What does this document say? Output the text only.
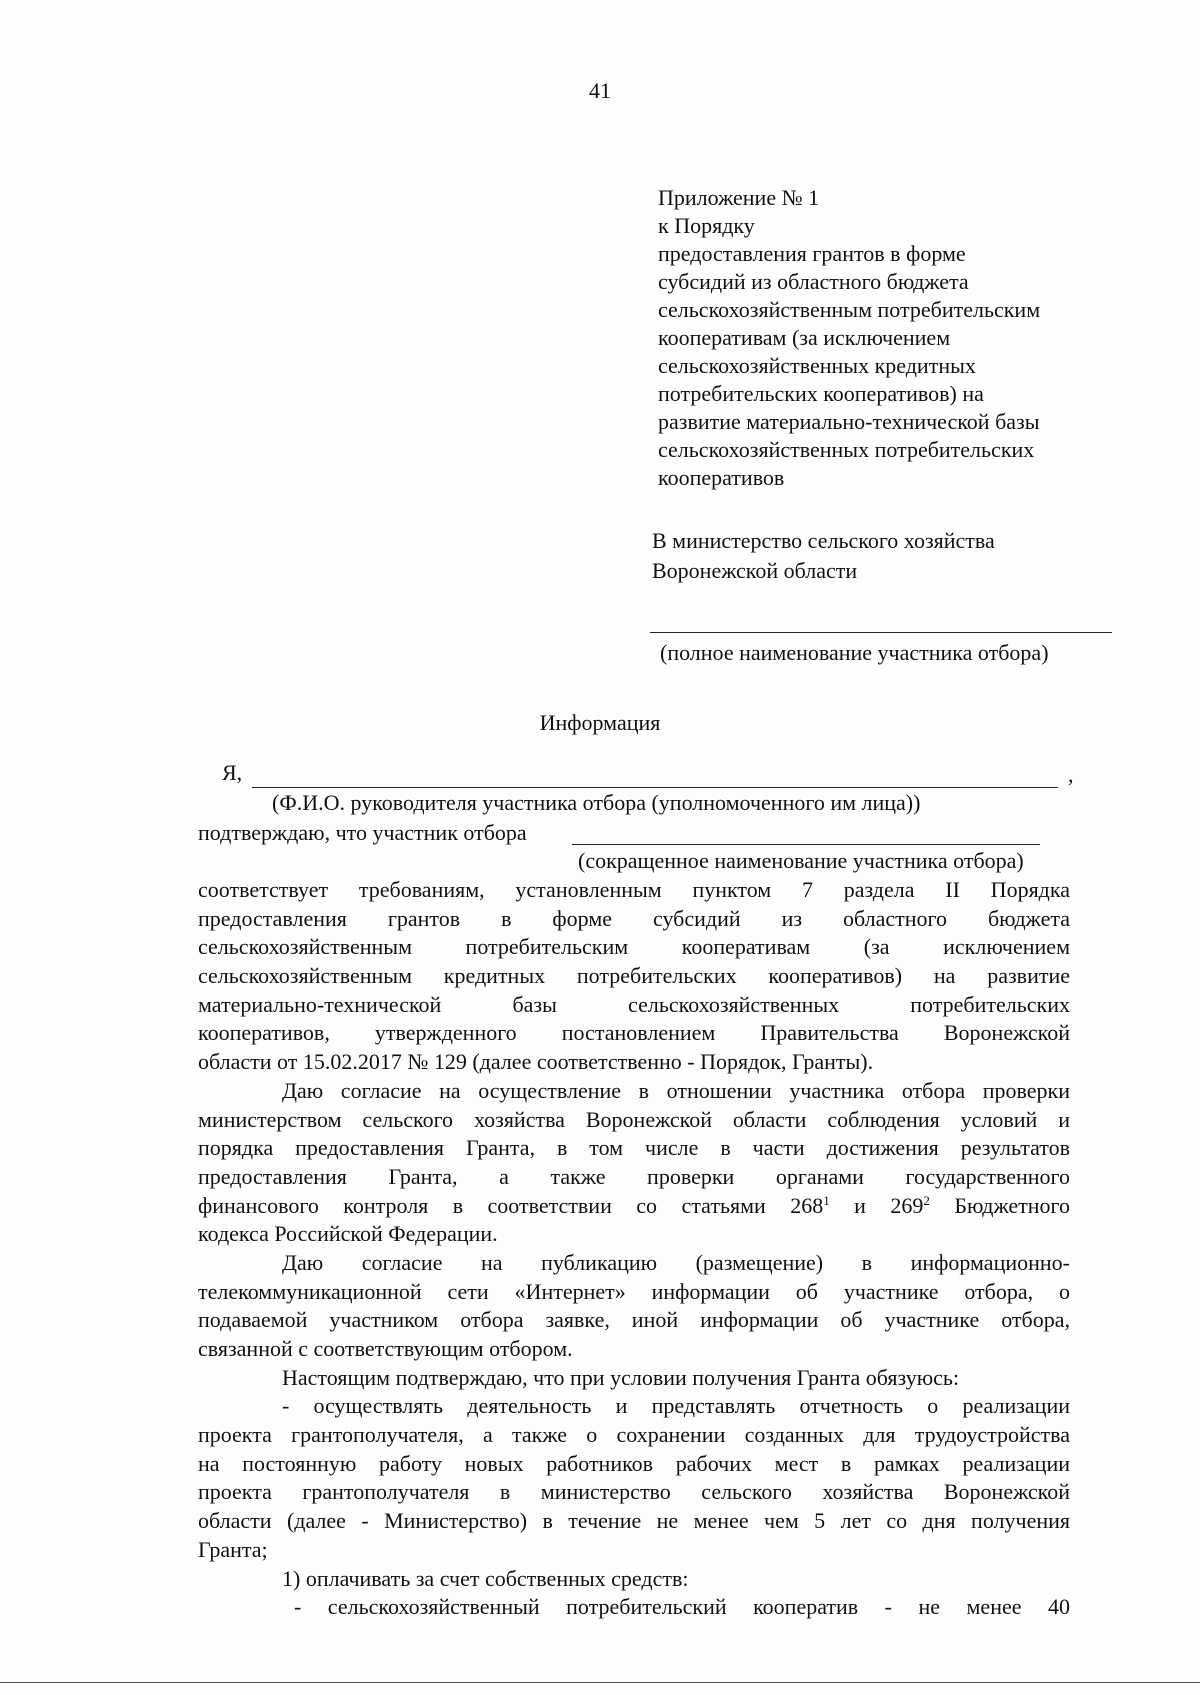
41
Приложение № 1
к Порядку
предоставления грантов в форме
субсидий из областного бюджета
сельскохозяйственным потребительским
кооперативам (за исключением
сельскохозяйственных кредитных
потребительских кооперативов) на
развитие материально-технической базы
сельскохозяйственных потребительских
кооперативов
В министерство сельского хозяйства
Воронежской области
(полное наименование участника отбора)
Информация
Я,	,
(Ф.И.О. руководителя участника отбора (уполномоченного им лица))
подтверждаю, что участник отбора
(сокращенное наименование участника отбора)
соответствует требованиям, установленным пунктом 7 раздела II Порядка
предоставления грантов в форме субсидий из областного бюджета
сельскохозяйственным потребительским кооперативам (за исключением
сельскохозяйственным кредитных потребительских кооперативов) на развитие
материально-технической базы сельскохозяйственных потребительских
кооперативов, утвержденного постановлением Правительства Воронежской
области от 15.02.2017 № 129 (далее соответственно - Порядок, Гранты).
Даю согласие на осуществление в отношении участника отбора проверки
министерством сельского хозяйства Воронежской области соблюдения условий и
порядка предоставления Гранта, в том числе в части достижения результатов
предоставления Гранта, а также проверки органами государственного
финансового контроля в соответствии со статьями $268^1$ и $269^2$ Бюджетного
кодекса Российской Федерации.
Даю согласие на публикацию (размещение) в информационно-
телекоммуникационной сети «Интернет» информации об участнике отбора, о
подаваемой участником отбора заявке, иной информации об участнике отбора,
связанной с соответствующим отбором.
Настоящим подтверждаю, что при условии получения Гранта обязуюсь:
- осуществлять деятельность и представлять отчетность о реализации
проекта грантополучателя, а также о сохранении созданных для трудоустройства
на постоянную работу новых работников рабочих мест в рамках реализации
проекта грантополучателя в министерство сельского хозяйства Воронежской
области (далее - Министерство) в течение не менее чем 5 лет со дня получения
Гранта;
1) оплачивать за счет собственных средств:
- сельскохозяйственный потребительский кооператив - не менее 40
